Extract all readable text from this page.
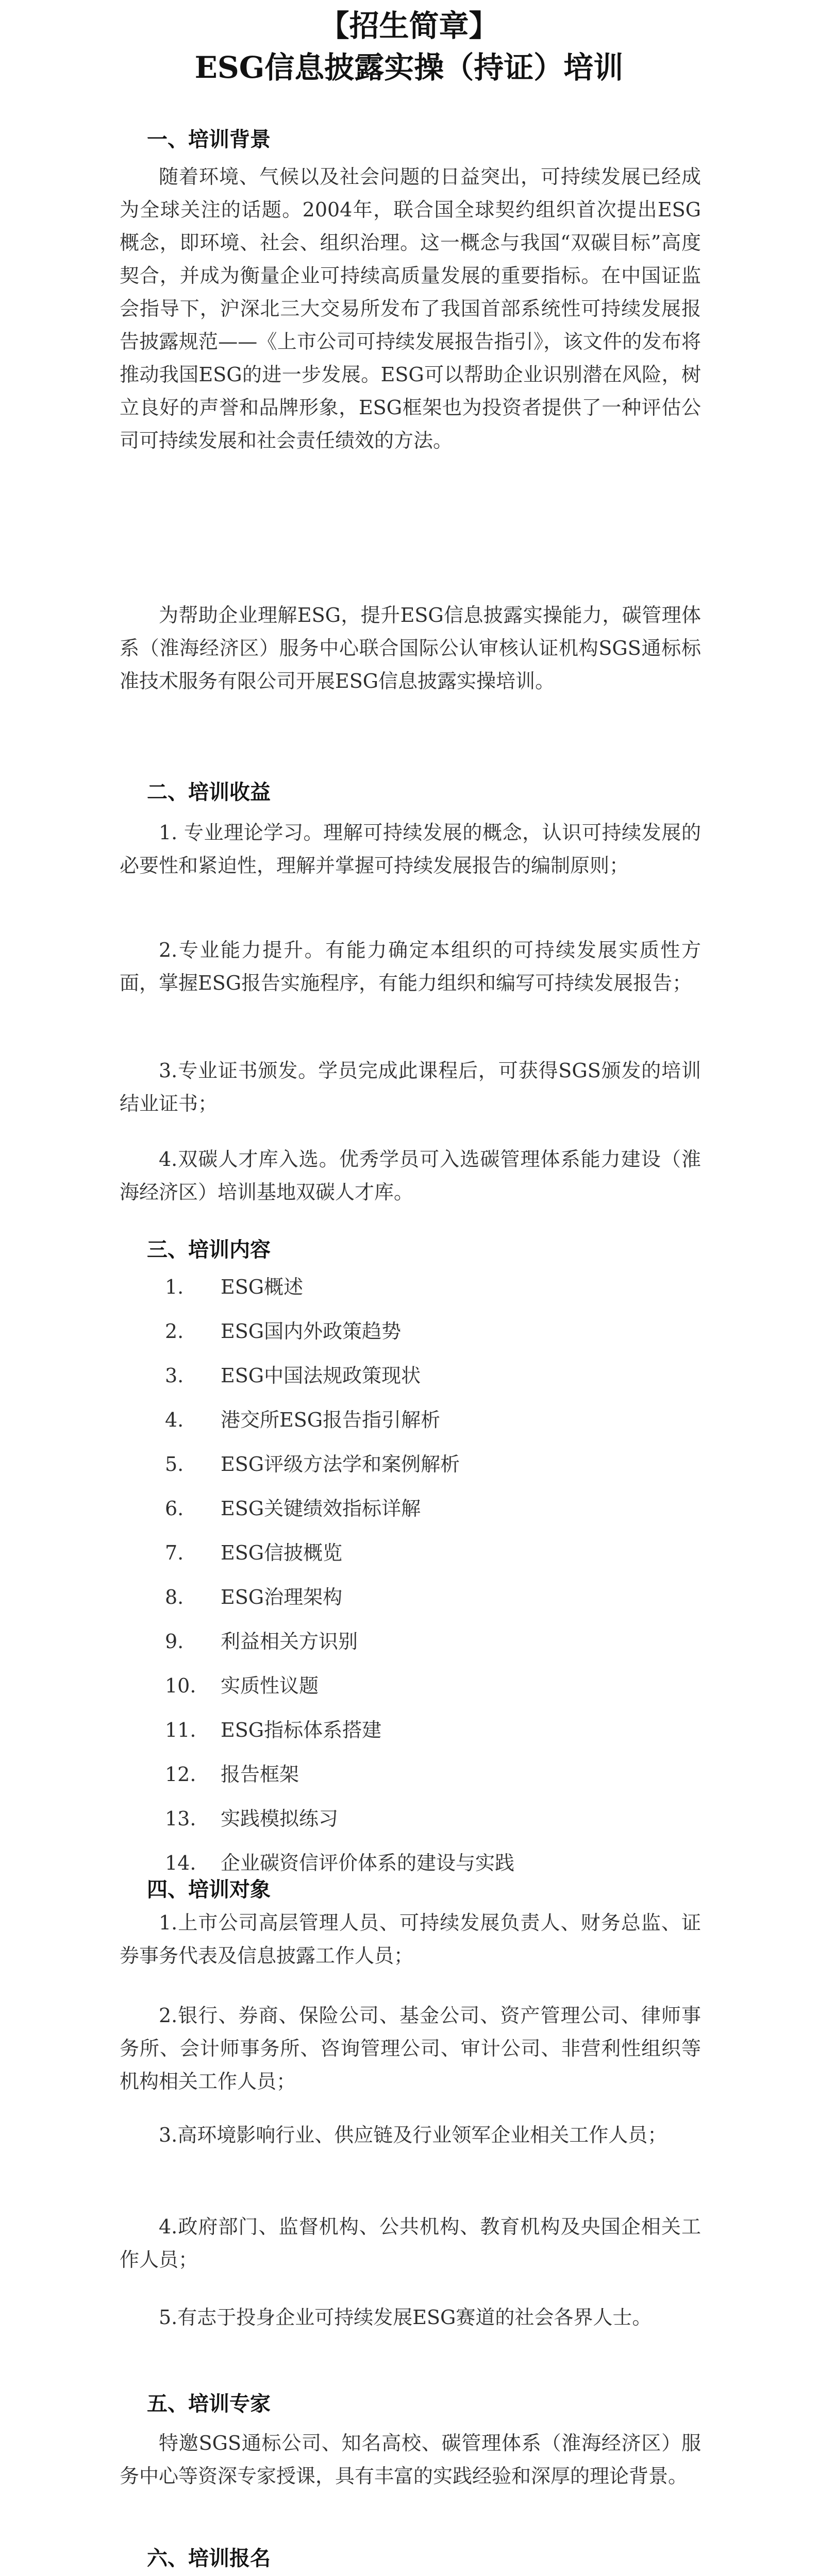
【招生简章】
ESG信息披露实操（持证）培训
一、培训背景

随着环境、气候以及社会问题的日益突出，可持续发展已经成为全球关注的话题。2004年，联合国全球契约组织首次提出ESG概念，即环境、社会、组织治理。这一概念与我国“双碳目标”高度契合，并成为衡量企业可持续高质量发展的重要指标。在中国证监会指导下，沪深北三大交易所发布了我国首部系统性可持续发展报告披露规范——《上市公司可持续发展报告指引》，该文件的发布将推动我国ESG的进一步发展。ESG可以帮助企业识别潜在风险，树立良好的声誉和品牌形象，ESG框架也为投资者提供了一种评估公司可持续发展和社会责任绩效的方法。

为帮助企业理解ESG，提升ESG信息披露实操能力，碳管理体系（淮海经济区）服务中心联合国际公认审核认证机构SGS通标标准技术服务有限公司开展ESG信息披露实操培训。

二、培训收益

1. 专业理论学习。理解可持续发展的概念，认识可持续发展的必要性和紧迫性，理解并掌握可持续发展报告的编制原则；

2.专业能力提升。有能力确定本组织的可持续发展实质性方面，掌握ESG报告实施程序，有能力组织和编写可持续发展报告；

3.专业证书颁发。学员完成此课程后，可获得SGS颁发的培训结业证书；

4.双碳人才库入选。优秀学员可入选碳管理体系能力建设（淮海经济区）培训基地双碳人才库。

三、培训内容
1. ESG概述
2. ESG国内外政策趋势
3. ESG中国法规政策现状
4. 港交所ESG报告指引解析
5. ESG评级方法学和案例解析
6. ESG关键绩效指标详解
7. ESG信披概览
8. ESG治理架构
9. 利益相关方识别
10. 实质性议题
11. ESG指标体系搭建
12. 报告框架
13. 实践模拟练习
14. 企业碳资信评价体系的建设与实践
四、培训对象

1.上市公司高层管理人员、可持续发展负责人、财务总监、证券事务代表及信息披露工作人员；

2.银行、券商、保险公司、基金公司、资产管理公司、律师事务所、会计师事务所、咨询管理公司、审计公司、非营利性组织等机构相关工作人员；

3.高环境影响行业、供应链及行业领军企业相关工作人员；

4.政府部门、监督机构、公共机构、教育机构及央国企相关工作人员；

5.有志于投身企业可持续发展ESG赛道的社会各界人士。

五、培训专家

特邀SGS通标公司、知名高校、碳管理体系（淮海经济区）服务中心等资深专家授课，具有丰富的实践经验和深厚的理论背景。

六、培训报名
